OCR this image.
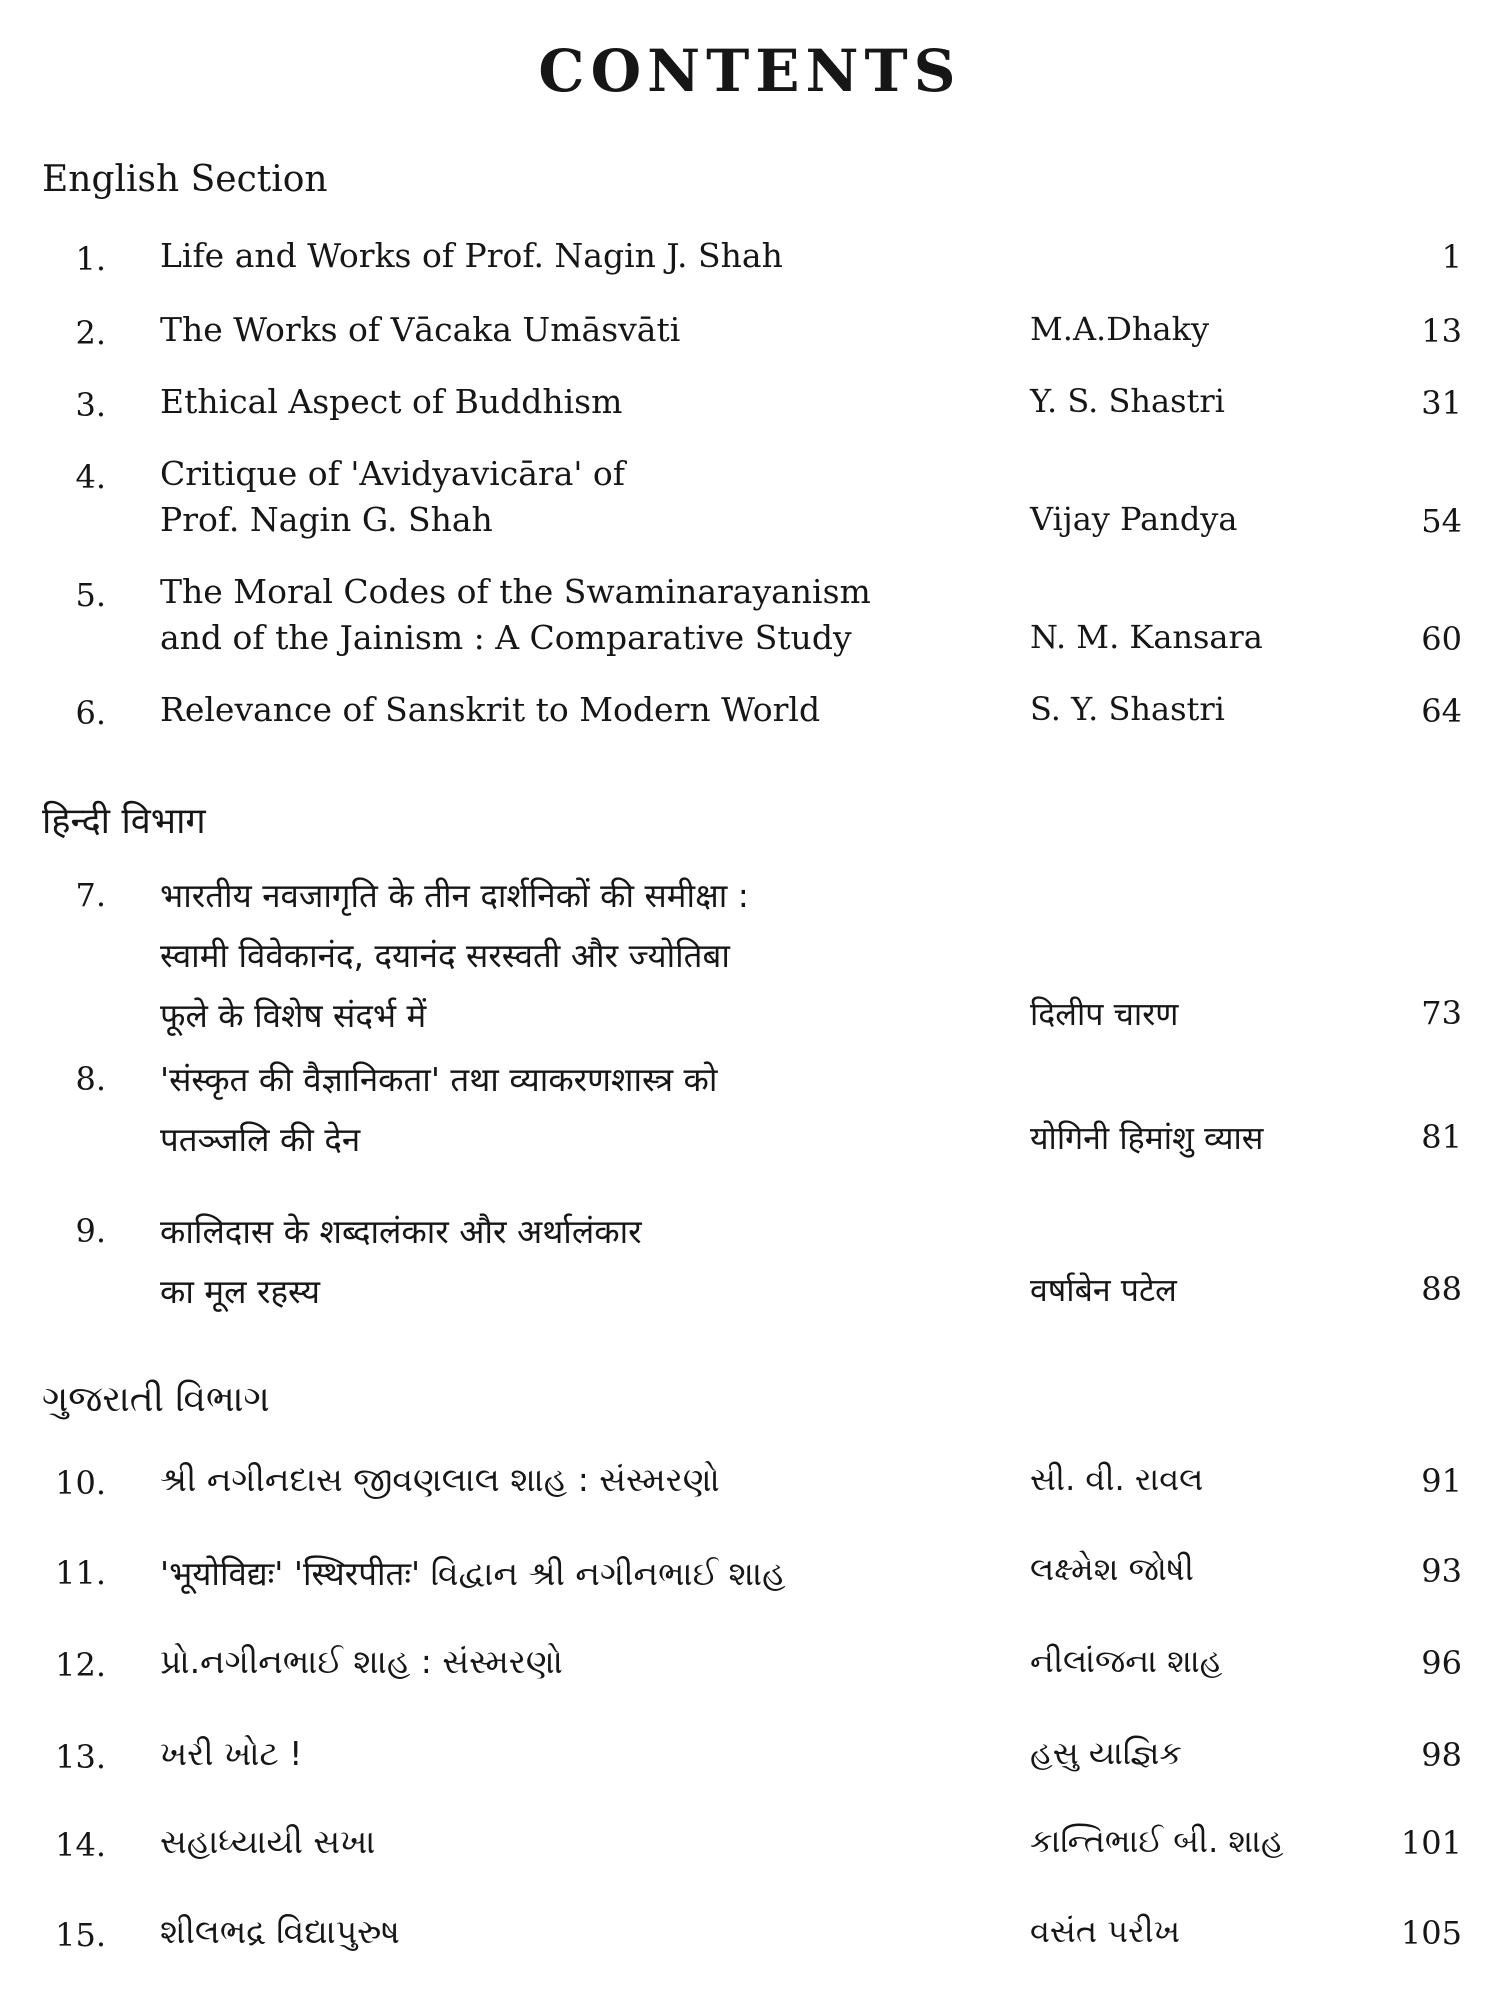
CONTENTS
English Section
1. Life and Works of Prof. Nagin J. Shah	1
2. The Works of Vācaka Umāsvāti	M.A.Dhaky	13
3. Ethical Aspect of Buddhism	Y. S. Shastri	31
4. Critique of 'Avidyavicāra' of
Prof. Nagin G. Shah	Vijay Pandya	54
5. The Moral Codes of the Swaminarayanism
and of the Jainism : A Comparative Study	N. M. Kansara	60
6. Relevance of Sanskrit to Modern World	S. Y. Shastri	64
हिन्दी विभाग
7. भारतीय नवजागृति के तीन दार्शनिकों की समीक्षा :
स्वामी विवेकानंद, दयानंद सरस्वती और ज्योतिबा
फूले के विशेष संदर्भ में	दिलीप चारण	73
8. 'संस्कृत की वैज्ञानिकता' तथा व्याकरणशास्त्र को
पतञ्जलि की देन	योगिनी हिमांशु व्यास	81
9. कालिदास के शब्दालंकार और अर्थालंकार
का मूल रहस्य	वर्षाबेन पटेल	88
ગુજરાતી વિભાગ
10. શ્રી નગીનદાસ જીવણલાલ શાહ : સંસ્મરણો	સી. વી. રાવલ	91
11. 'भूयोविद्यः' 'स्थिरपीतः' વિદ્વાન શ્રી નગીનભાઈ શાહ	લક્ષ્મેશ જોષી	93
12. પ્રો.નગીનભાઈ શાહ : સંસ્મરણો	નીલાંજના શાહ	96
13. ખરી ખોટ !	હસુ યાજ્ઞિક	98
14. સહાધ્યાયી સખા	કાન્તિભાઈ બી. શાહ	101
15. શીલભદ્ર વિદ્યાપુરુષ	વસંત પરીખ	105
